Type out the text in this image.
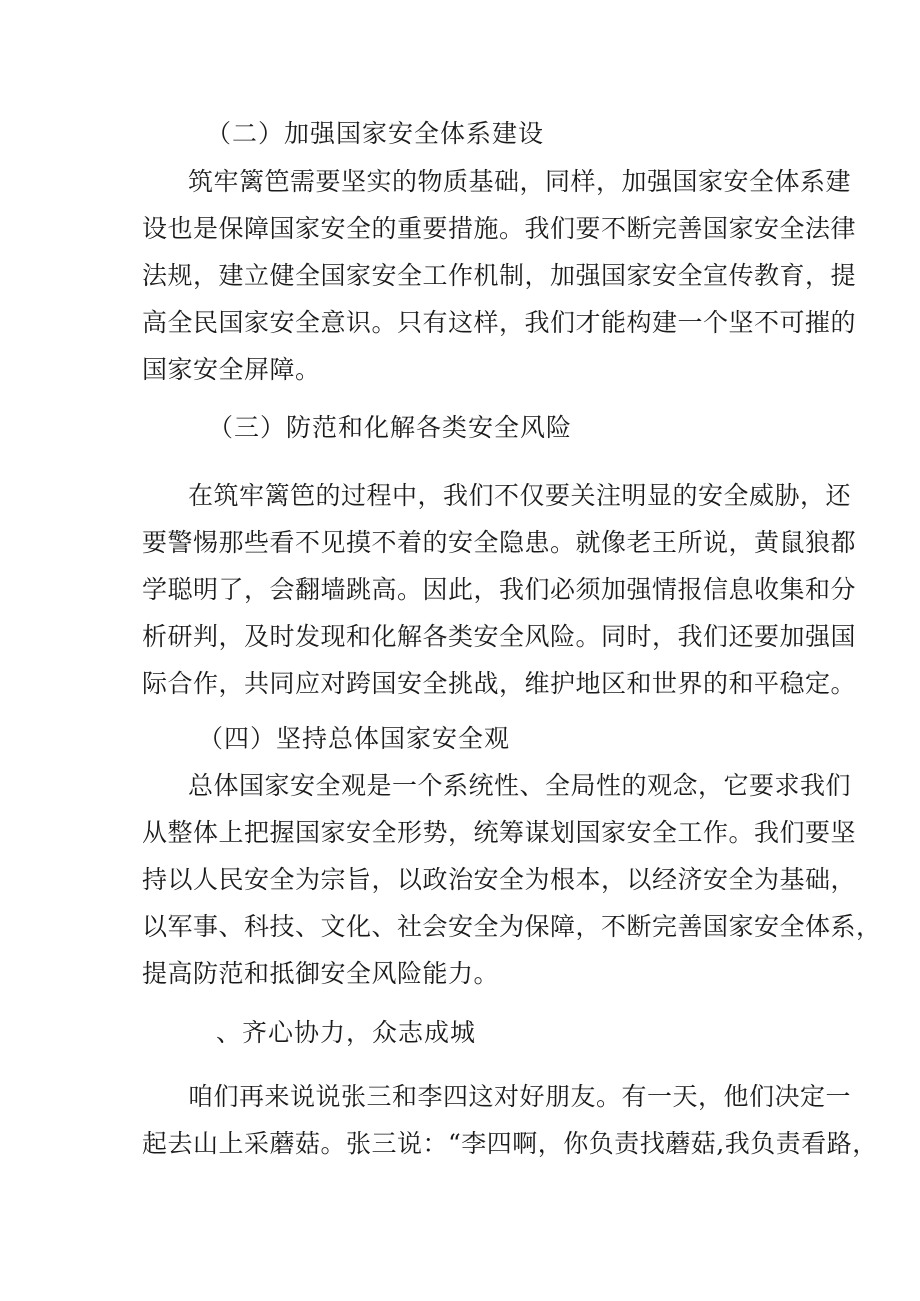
（二）加强国家安全体系建设
筑牢篱笆需要坚实的物质基础，同样，加强国家安全体系建
设也是保障国家安全的重要措施。我们要不断完善国家安全法律
法规，建立健全国家安全工作机制，加强国家安全宣传教育，提
高全民国家安全意识。只有这样，我们才能构建一个坚不可摧的
国家安全屏障。
（三）防范和化解各类安全风险
在筑牢篱笆的过程中，我们不仅要关注明显的安全威胁，还
要警惕那些看不见摸不着的安全隐患。就像老王所说，黄鼠狼都
学聪明了，会翻墙跳高。因此，我们必须加强情报信息收集和分
析研判，及时发现和化解各类安全风险。同时，我们还要加强国
际合作，共同应对跨国安全挑战，维护地区和世界的和平稳定。
（四）坚持总体国家安全观
总体国家安全观是一个系统性、全局性的观念，它要求我们
从整体上把握国家安全形势，统筹谋划国家安全工作。我们要坚
持以人民安全为宗旨，以政治安全为根本，以经济安全为基础，
以军事、科技、文化、社会安全为保障，不断完善国家安全体系，
提高防范和抵御安全风险能力。
、齐心协力，众志成城
咱们再来说说张三和李四这对好朋友。有一天，他们决定一
起去山上采蘑菇。张三说：“李四啊，你负责找蘑菇,我负责看路，
